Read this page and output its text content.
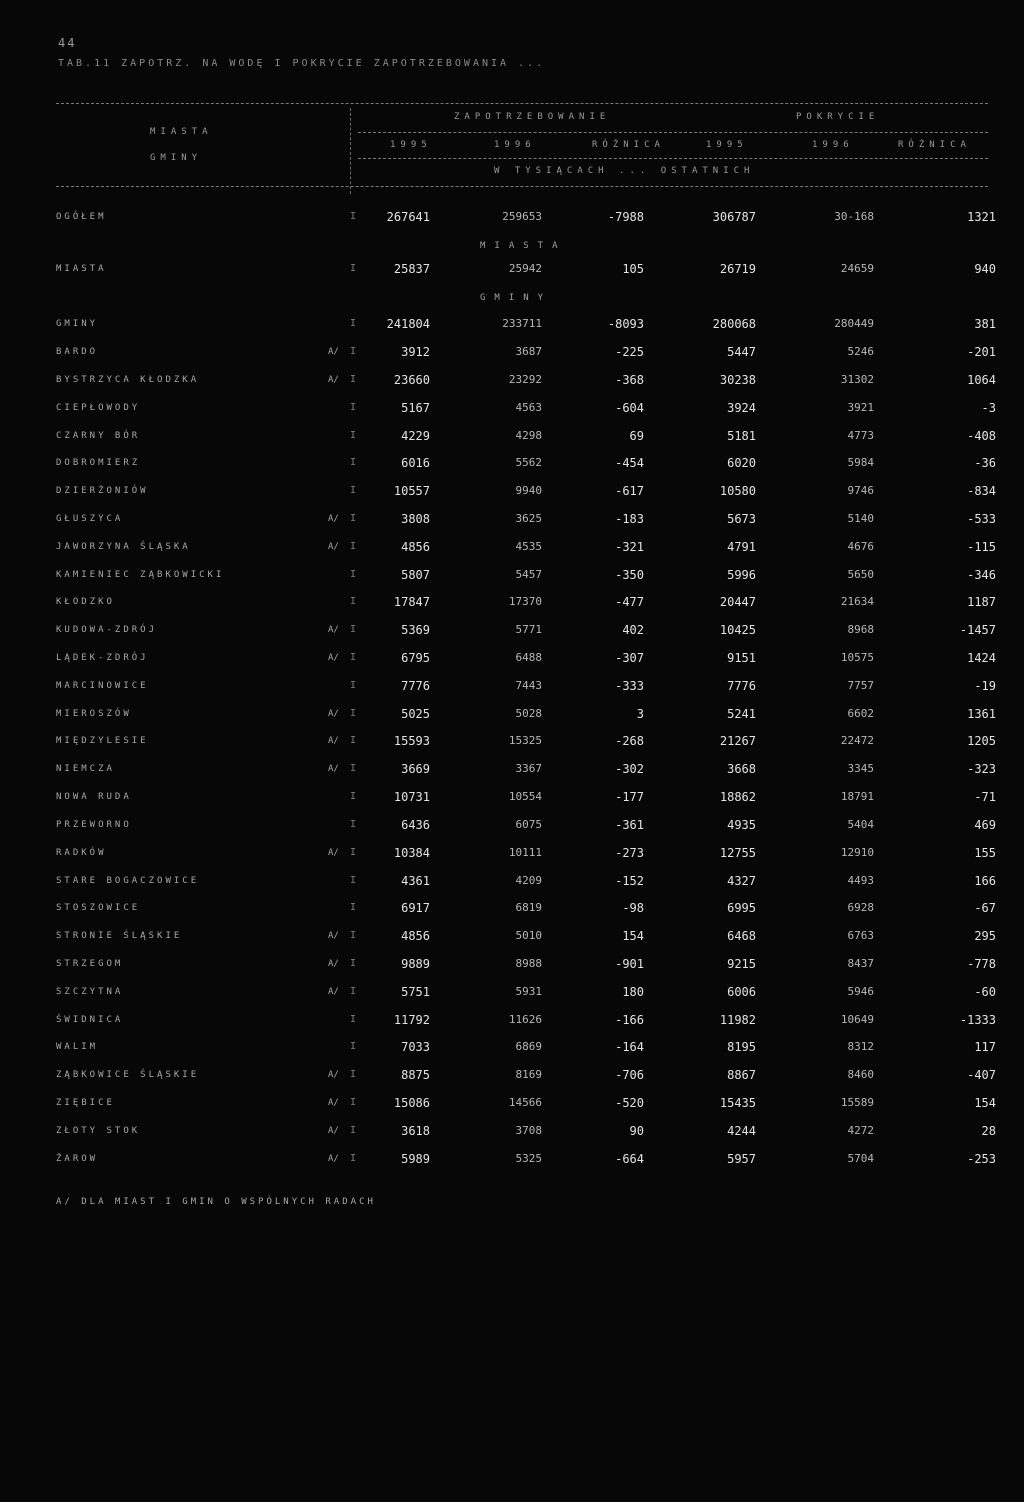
44
TAB.11 ZAPOTRZ. NA WODĘ I POKRYCIE ZAPOTRZEBOWANIA ...
MIASTA
GMINY
ZAPOTRZEBOWANIE	POKRYCIE
1995	1996	RÓŻNICA	1995	1996	RÓŻNICA
W TYSIĄCACH ... OSTATNICH
MIASTA
GMINY
OGÓŁEM	I	267641	259653	-7988	306787	30-168	1321
MIASTA	I	25837	25942	105	26719	24659	940
GMINY	I	241804	233711	-8093	280068	280449	381
BARDO	A/	I	3912	3687	-225	5447	5246	-201
BYSTRZYCA KŁODZKA	A/	I	23660	23292	-368	30238	31302	1064
CIEPŁOWODY	I	5167	4563	-604	3924	3921	-3
CZARNY BÓR	I	4229	4298	69	5181	4773	-408
DOBROMIERZ	I	6016	5562	-454	6020	5984	-36
DZIERŻONIÓW	I	10557	9940	-617	10580	9746	-834
GŁUSZYCA	A/	I	3808	3625	-183	5673	5140	-533
JAWORZYNA ŚLĄSKA	A/	I	4856	4535	-321	4791	4676	-115
KAMIENIEC ZĄBKOWICKI	I	5807	5457	-350	5996	5650	-346
KŁODZKO	I	17847	17370	-477	20447	21634	1187
KUDOWA-ZDRÓJ	A/	I	5369	5771	402	10425	8968	-1457
LĄDEK-ZDRÓJ	A/	I	6795	6488	-307	9151	10575	1424
MARCINOWICE	I	7776	7443	-333	7776	7757	-19
MIEROSZÓW	A/	I	5025	5028	3	5241	6602	1361
MIĘDZYLESIE	A/	I	15593	15325	-268	21267	22472	1205
NIEMCZA	A/	I	3669	3367	-302	3668	3345	-323
NOWA RUDA	I	10731	10554	-177	18862	18791	-71
PRZEWORNO	I	6436	6075	-361	4935	5404	469
RADKÓW	A/	I	10384	10111	-273	12755	12910	155
STARE BOGACZOWICE	I	4361	4209	-152	4327	4493	166
STOSZOWICE	I	6917	6819	-98	6995	6928	-67
STRONIE ŚLĄSKIE	A/	I	4856	5010	154	6468	6763	295
STRZEGOM	A/	I	9889	8988	-901	9215	8437	-778
SZCZYTNA	A/	I	5751	5931	180	6006	5946	-60
ŚWIDNICA	I	11792	11626	-166	11982	10649	-1333
WALIM	I	7033	6869	-164	8195	8312	117
ZĄBKOWICE ŚLĄSKIE	A/	I	8875	8169	-706	8867	8460	-407
ZIĘBICE	A/	I	15086	14566	-520	15435	15589	154
ZŁOTY STOK	A/	I	3618	3708	90	4244	4272	28
ŻAROW	A/	I	5989	5325	-664	5957	5704	-253
A/ DLA MIAST I GMIN O WSPÓLNYCH RADACH
